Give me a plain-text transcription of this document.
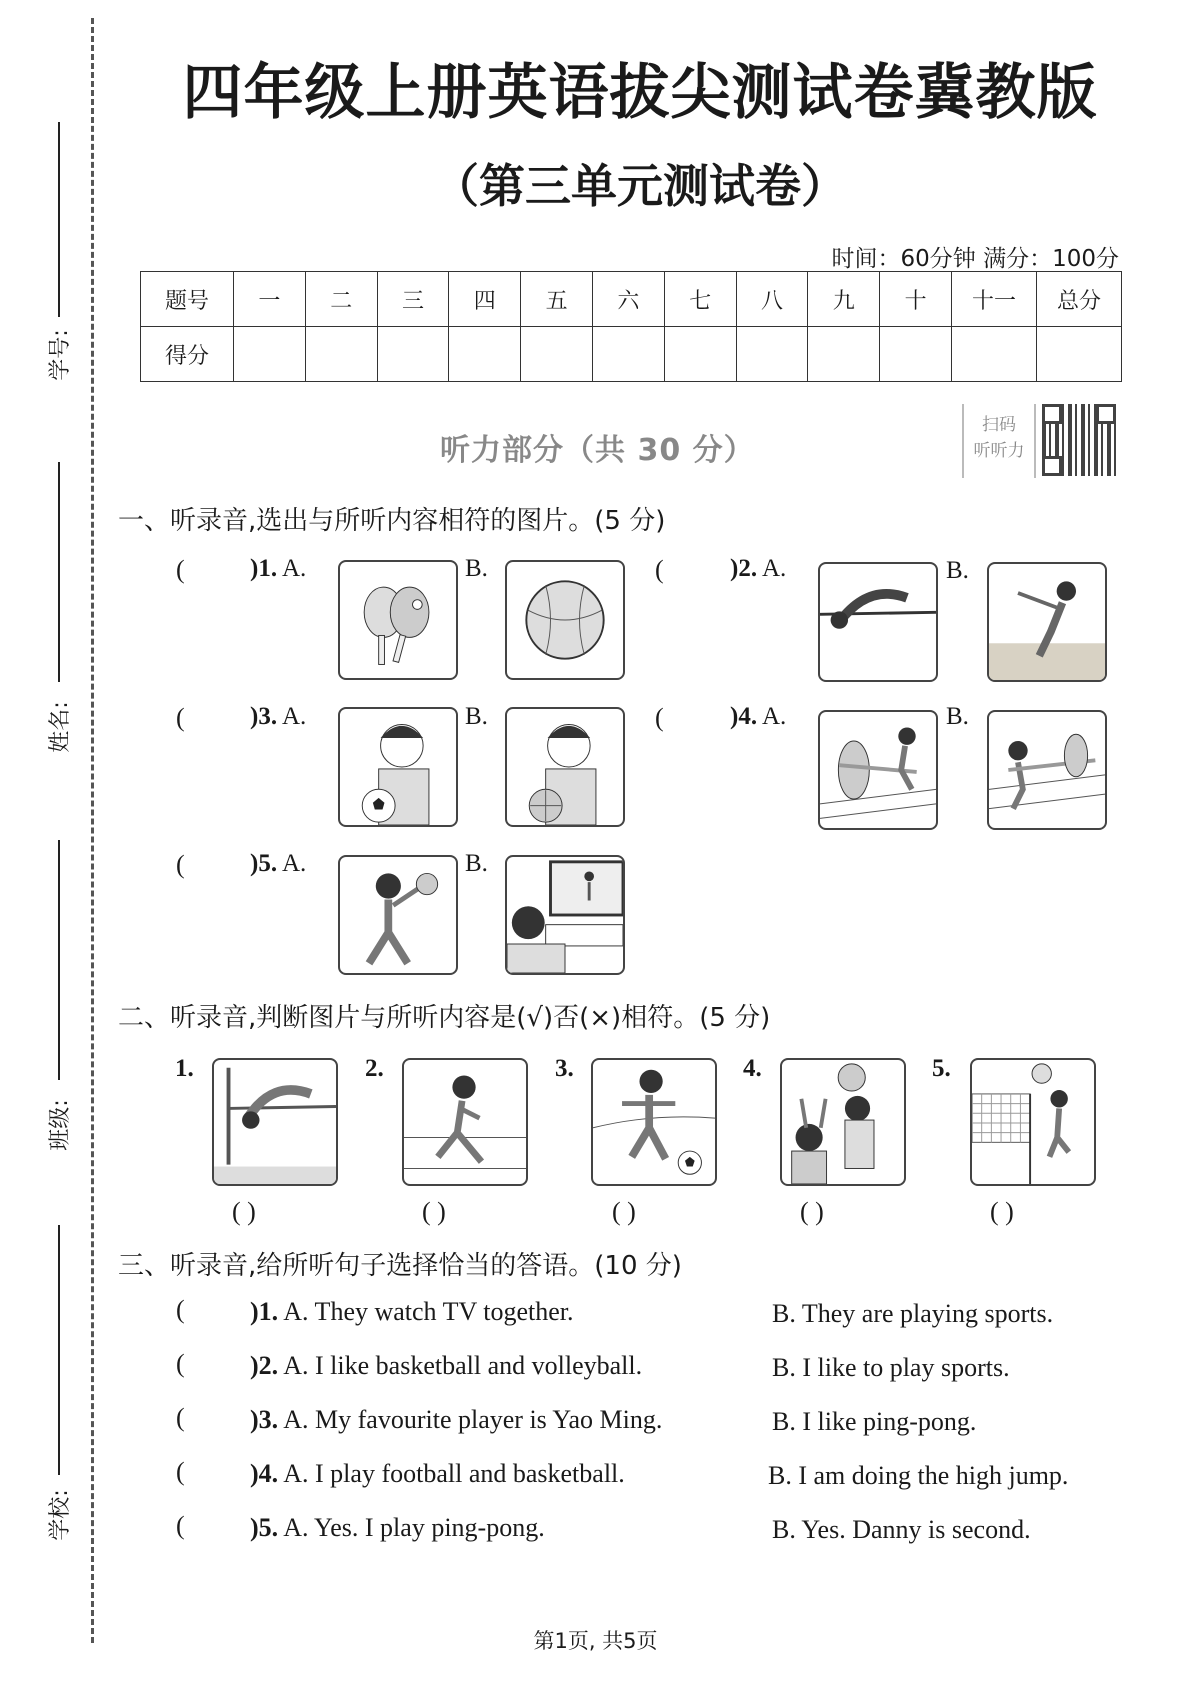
学号:
姓名:
班级:
学校:
四年级上册英语拔尖测试卷冀教版
（第三单元测试卷）
时间：60分钟 满分：100分
题号	一	二	三	四	五	六	七	八	九	十	十一	总分
得分												
听力部分（共 30 分）
扫码
听听力
一、听录音,选出与所听内容相符的图片。(5 分)
(	)1. A.	B.	(	)2. A.	B.
(	)3. A.	B.	(	)4. A.	B.
(	)5. A.	B.
二、听录音,判断图片与所听内容是(√)否(×)相符。(5 分)
1.
( )
2.
( )
3.
( )
4.
( )
5.
( )
三、听录音,给所听句子选择恰当的答语。(10 分)
(	)1. A. They watch TV together.	B. They are playing sports.
(	)2. A. I like basketball and volleyball.	B. I like to play sports.
(	)3. A. My favourite player is Yao Ming.	B. I like ping-pong.
(	)4. A. I play football and basketball.	B. I am doing the high jump.
(	)5. A. Yes. I play ping-pong.	B. Yes. Danny is second.
第1页, 共5页
